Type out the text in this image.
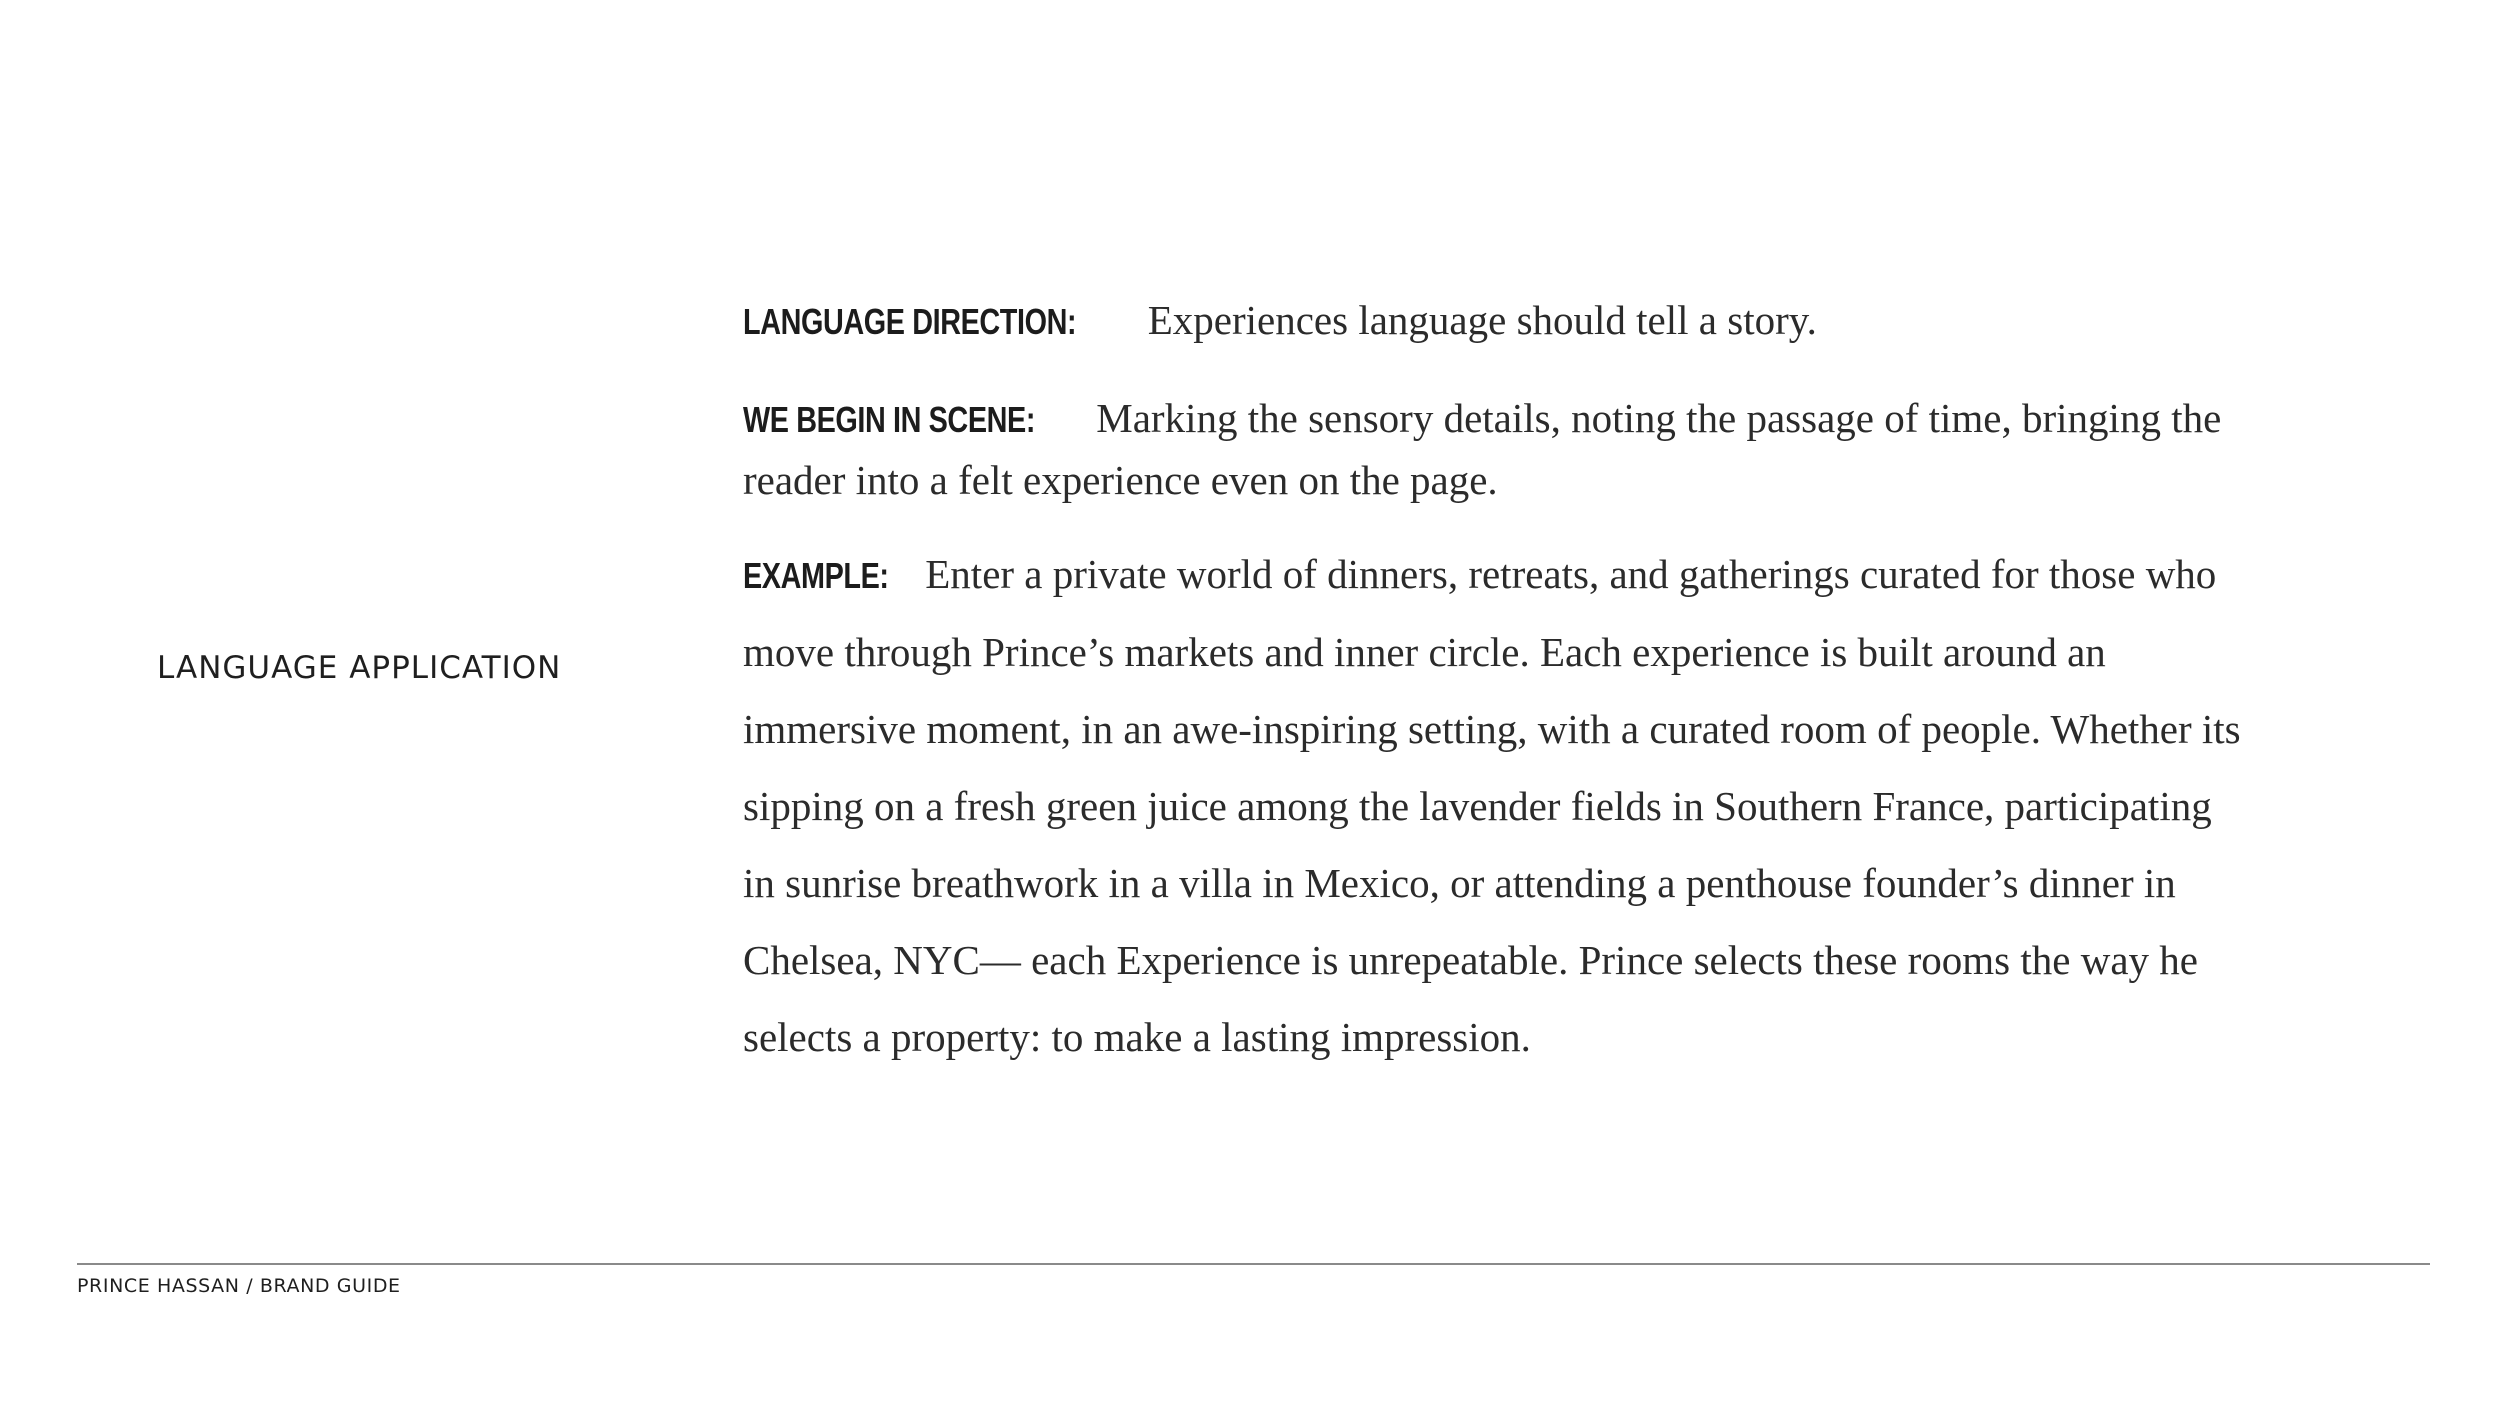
LANGUAGE APPLICATION

LANGUAGE DIRECTION: Experiences language should tell a story.

WE BEGIN IN SCENE: Marking the sensory details, noting the passage of time, bringing the reader into a felt experience even on the page.

EXAMPLE: Enter a private world of dinners, retreats, and gatherings curated for those who move through Prince’s markets and inner circle. Each experience is built around an immersive moment, in an awe-inspiring setting, with a curated room of people. Whether its sipping on a fresh green juice among the lavender fields in Southern France, participating in sunrise breathwork in a villa in Mexico, or attending a penthouse founder’s dinner in Chelsea, NYC— each Experience is unrepeatable. Prince selects these rooms the way he selects a property: to make a lasting impression.

PRINCE HASSAN / BRAND GUIDE
